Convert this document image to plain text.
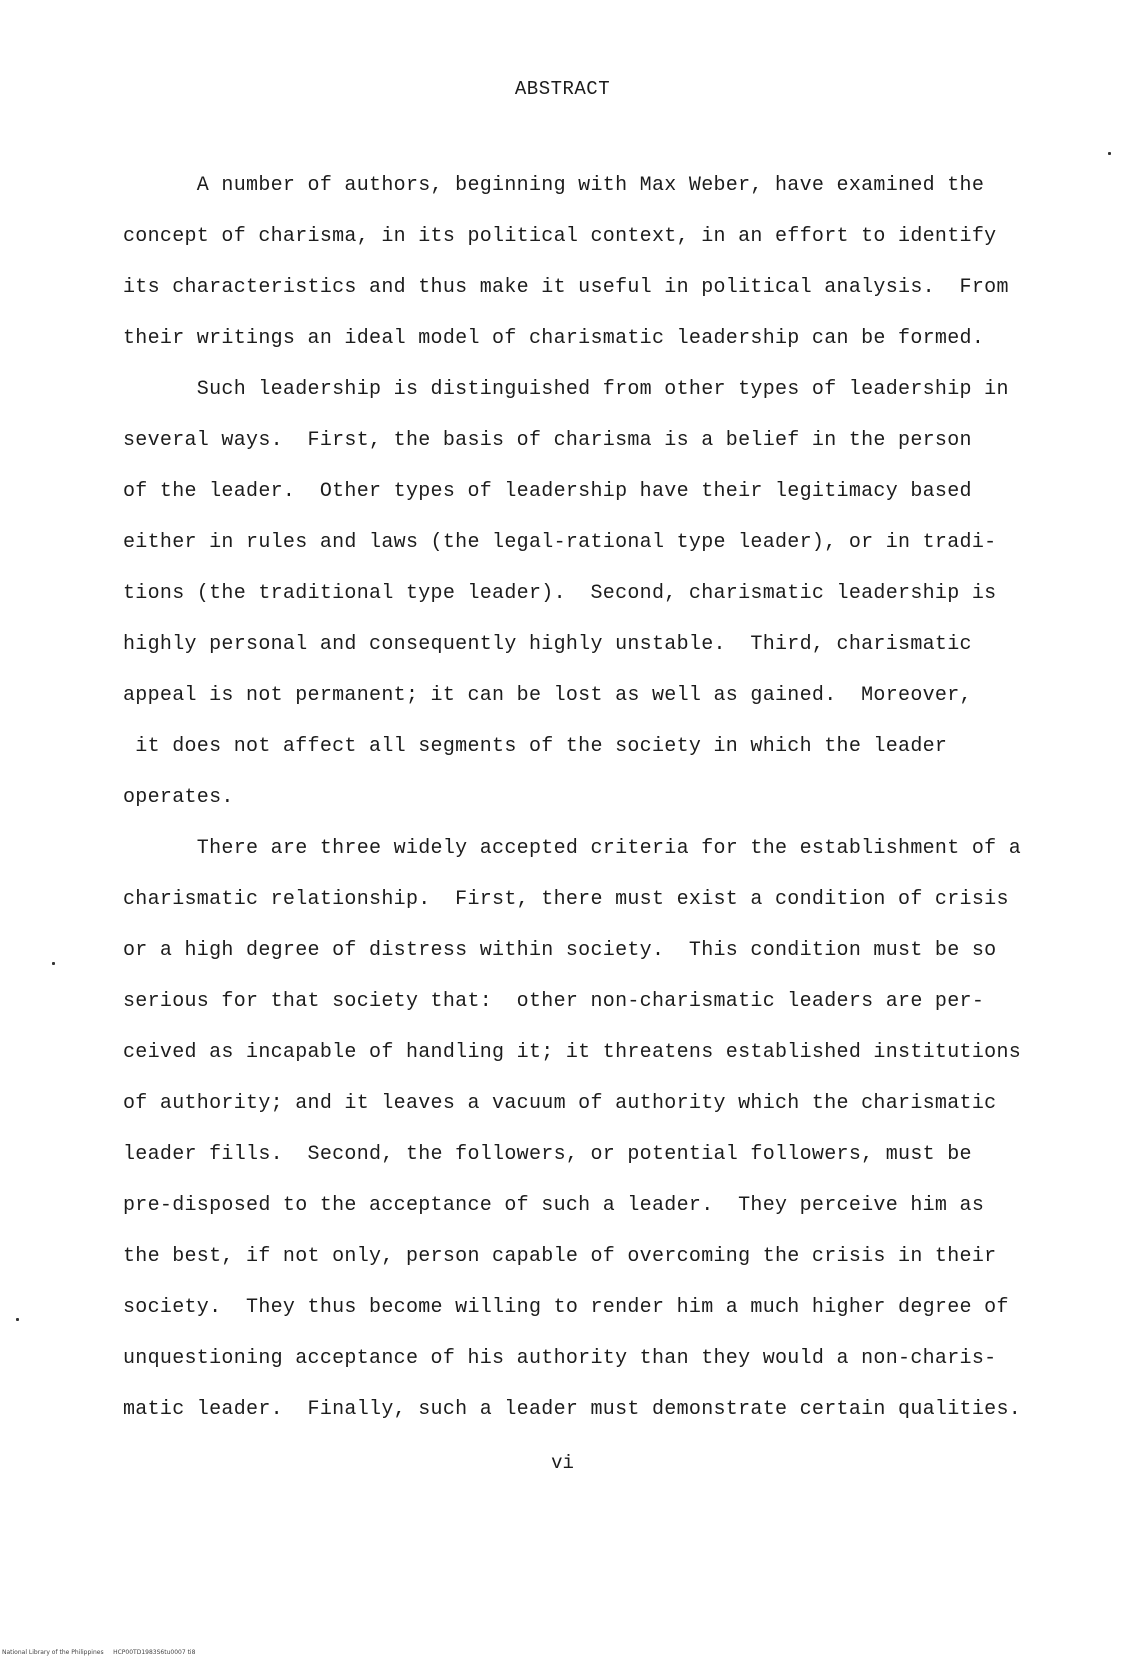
ABSTRACT
A number of authors, beginning with Max Weber, have examined the
concept of charisma, in its political context, in an effort to identify
its characteristics and thus make it useful in political analysis.  From
their writings an ideal model of charismatic leadership can be formed.
Such leadership is distinguished from other types of leadership in
several ways.  First, the basis of charisma is a belief in the person
of the leader.  Other types of leadership have their legitimacy based
either in rules and laws (the legal-rational type leader), or in tradi-
tions (the traditional type leader).  Second, charismatic leadership is
highly personal and consequently highly unstable.  Third, charismatic
appeal is not permanent; it can be lost as well as gained.  Moreover,
it does not affect all segments of the society in which the leader
operates.
There are three widely accepted criteria for the establishment of a
charismatic relationship.  First, there must exist a condition of crisis
or a high degree of distress within society.  This condition must be so
serious for that society that:  other non-charismatic leaders are per-
ceived as incapable of handling it; it threatens established institutions
of authority; and it leaves a vacuum of authority which the charismatic
leader fills.  Second, the followers, or potential followers, must be
pre-disposed to the acceptance of such a leader.  They perceive him as
the best, if not only, person capable of overcoming the crisis in their
society.  They thus become willing to render him a much higher degree of
unquestioning acceptance of his authority than they would a non-charis-
matic leader.  Finally, such a leader must demonstrate certain qualities.
vi
National Library of the Philippines     HCP00TD1983S6tu0007 ti8
